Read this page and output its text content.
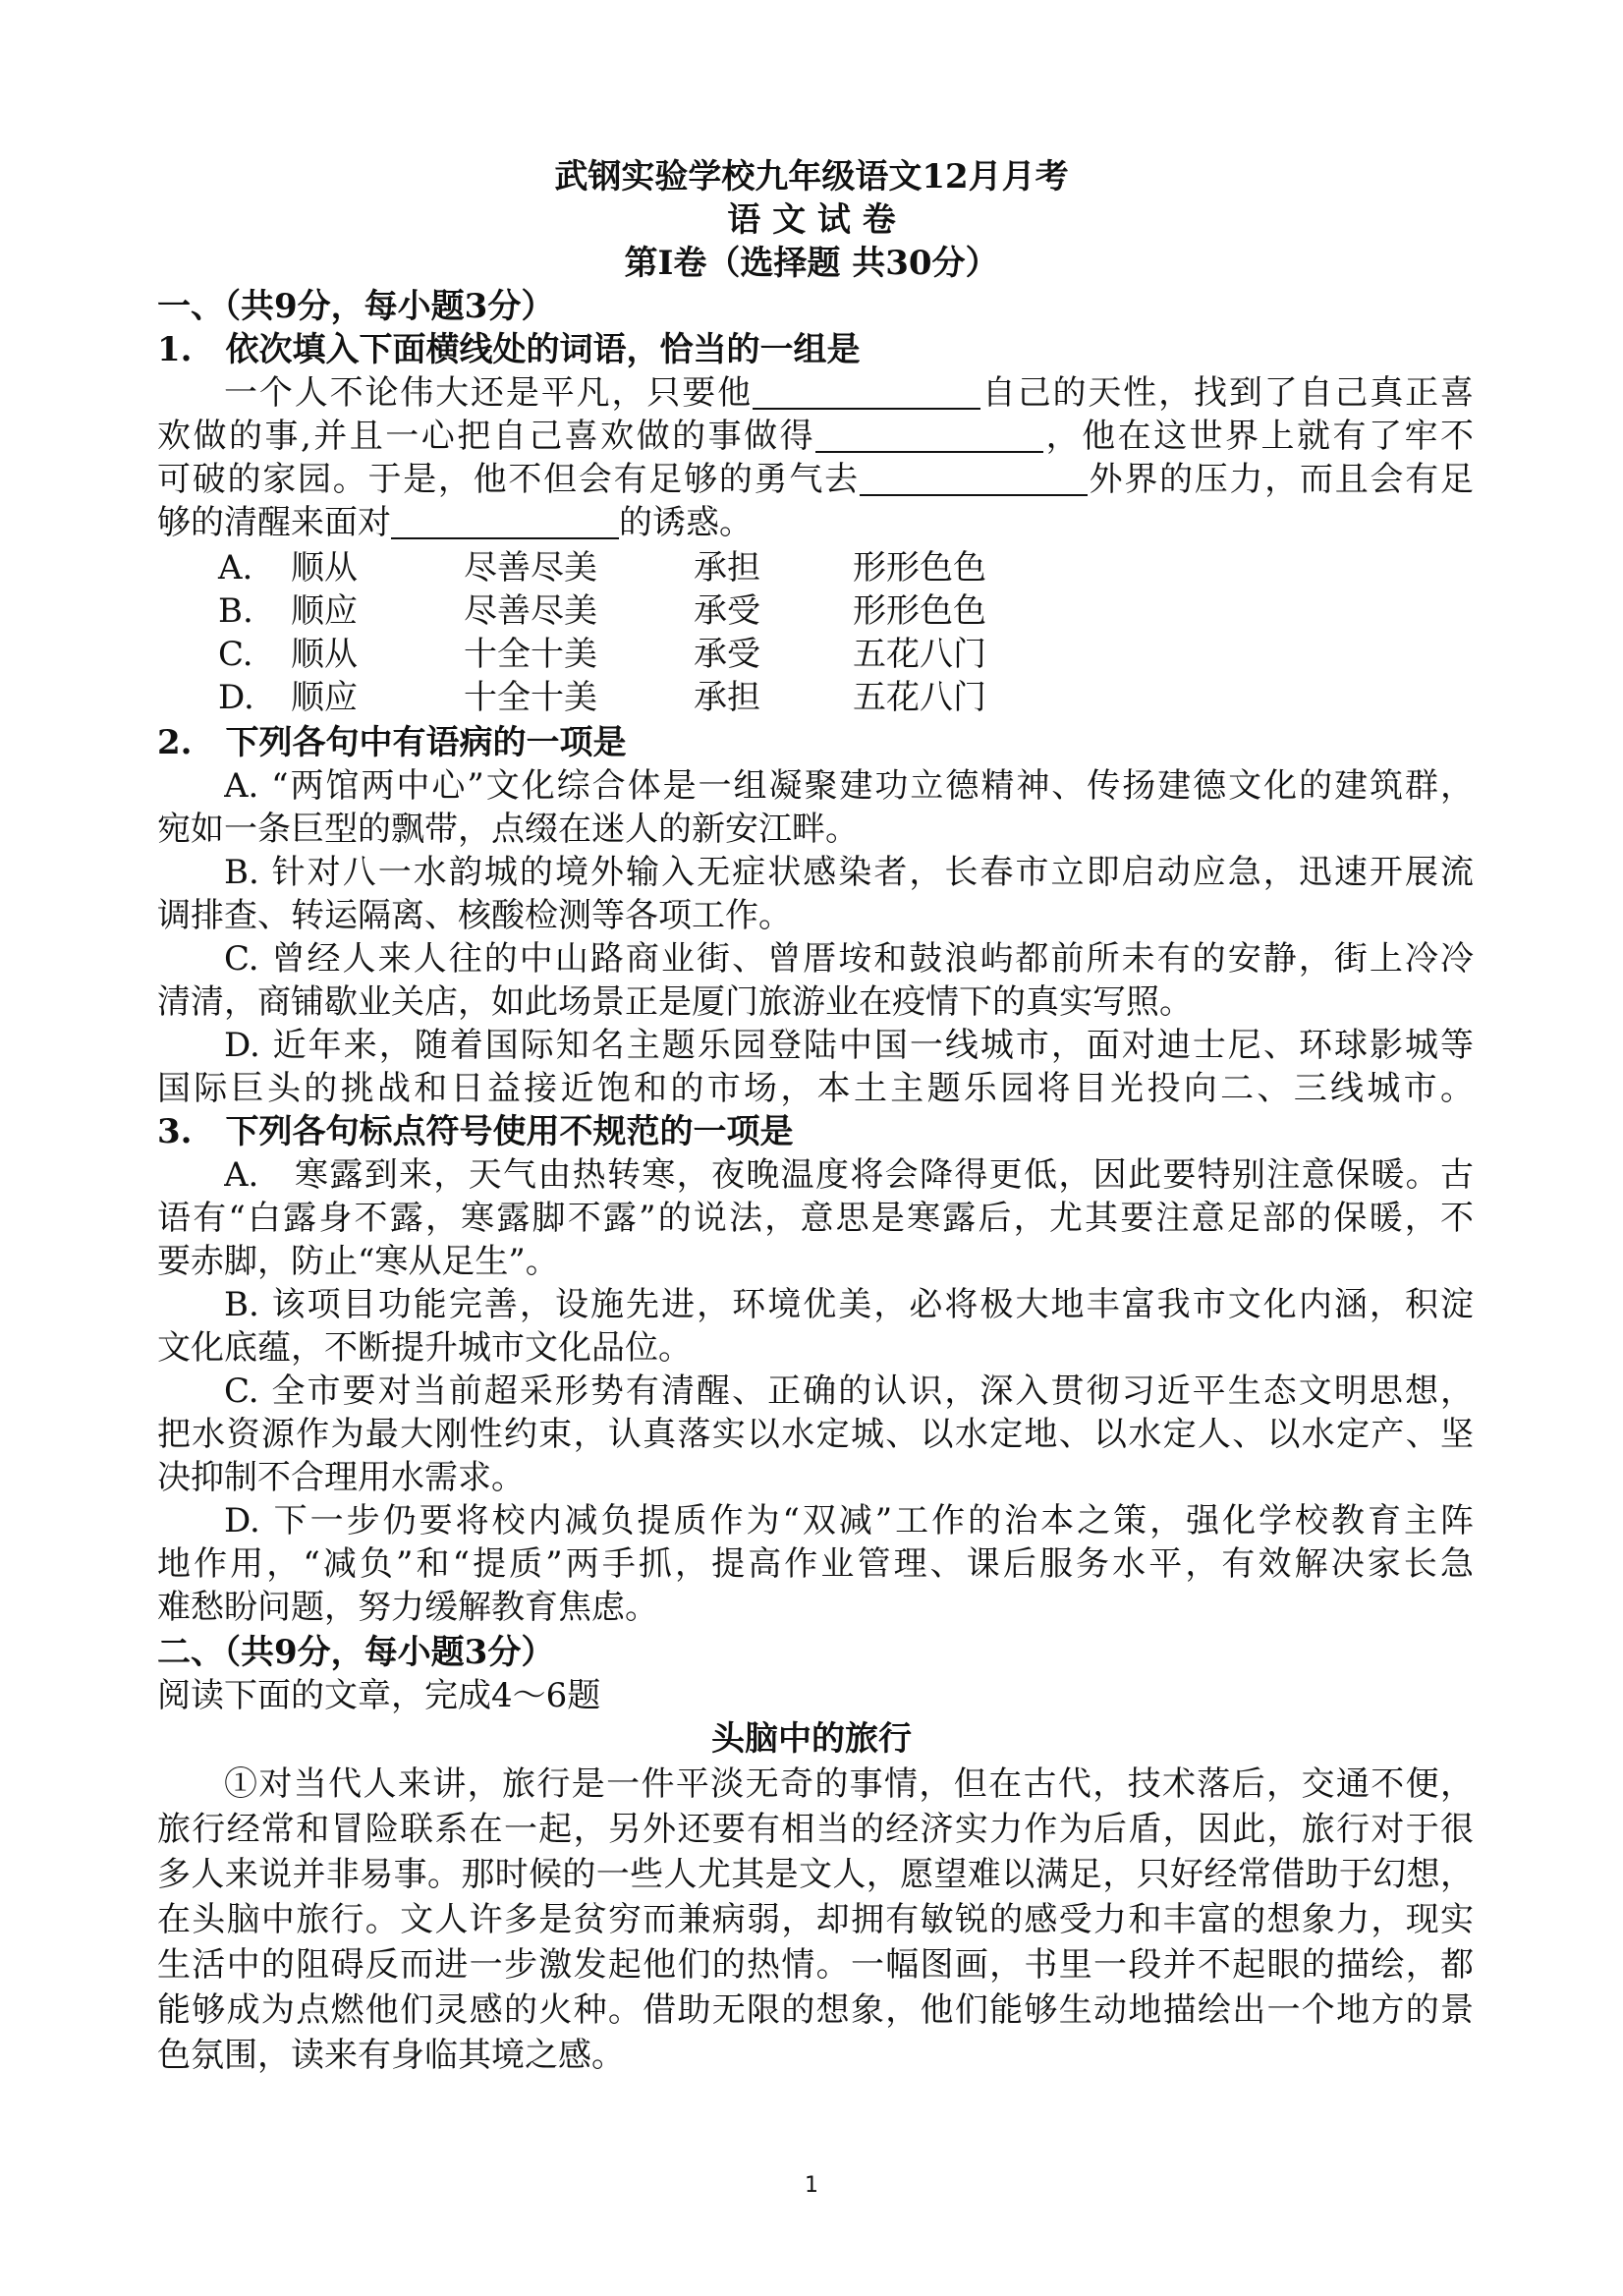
武钢实验学校九年级语文12月月考
语 文 试 卷
第Ⅰ卷（选择题 共30分）
一、（共9分，每小题3分）
1.　依次填入下面横线处的词语，恰当的一组是
一个人不论伟大还是平凡，只要他	自己的天性，找到了自己真正喜
欢做的事,并且一心把自己喜欢做的事做得	，他在这世界上就有了牢不
可破的家园。于是，他不但会有足够的勇气去	外界的压力，而且会有足
够的清醒来面对	的诱惑。
A. 顺从	尽善尽美	承担	形形色色
B. 顺应	尽善尽美	承受	形形色色
C. 顺从	十全十美	承受	五花八门
D. 顺应	十全十美	承担	五花八门
2.　下列各句中有语病的一项是
A. “两馆两中心”文化综合体是一组凝聚建功立德精神、传扬建德文化的建筑群，
宛如一条巨型的飘带，点缀在迷人的新安江畔。
B. 针对八一水韵城的境外输入无症状感染者，长春市立即启动应急，迅速开展流
调排查、转运隔离、核酸检测等各项工作。
C. 曾经人来人往的中山路商业街、曾厝垵和鼓浪屿都前所未有的安静，街上冷冷
清清，商铺歇业关店，如此场景正是厦门旅游业在疫情下的真实写照。
D. 近年来，随着国际知名主题乐园登陆中国一线城市，面对迪士尼、环球影城等
国际巨头的挑战和日益接近饱和的市场，本土主题乐园将目光投向二、三线城市。
3.　下列各句标点符号使用不规范的一项是
A.　寒露到来，天气由热转寒，夜晚温度将会降得更低，因此要特别注意保暖。古
语有“白露身不露，寒露脚不露”的说法，意思是寒露后，尤其要注意足部的保暖，不
要赤脚，防止“寒从足生”。
B. 该项目功能完善，设施先进，环境优美，必将极大地丰富我市文化内涵，积淀
文化底蕴，不断提升城市文化品位。
C. 全市要对当前超采形势有清醒、正确的认识，深入贯彻习近平生态文明思想，
把水资源作为最大刚性约束，认真落实以水定城、以水定地、以水定人、以水定产、坚
决抑制不合理用水需求。
D. 下一步仍要将校内减负提质作为“双减”工作的治本之策，强化学校教育主阵
地作用，“减负”和“提质”两手抓，提高作业管理、课后服务水平，有效解决家长急
难愁盼问题，努力缓解教育焦虑。
二、（共9分，每小题3分）
阅读下面的文章，完成4～6题
头脑中的旅行
①对当代人来讲，旅行是一件平淡无奇的事情，但在古代，技术落后，交通不便，
旅行经常和冒险联系在一起，另外还要有相当的经济实力作为后盾，因此，旅行对于很
多人来说并非易事。那时候的一些人尤其是文人，愿望难以满足，只好经常借助于幻想，
在头脑中旅行。文人许多是贫穷而兼病弱，却拥有敏锐的感受力和丰富的想象力，现实
生活中的阻碍反而进一步激发起他们的热情。一幅图画，书里一段并不起眼的描绘，都
能够成为点燃他们灵感的火种。借助无限的想象，他们能够生动地描绘出一个地方的景
色氛围，读来有身临其境之感。
1
